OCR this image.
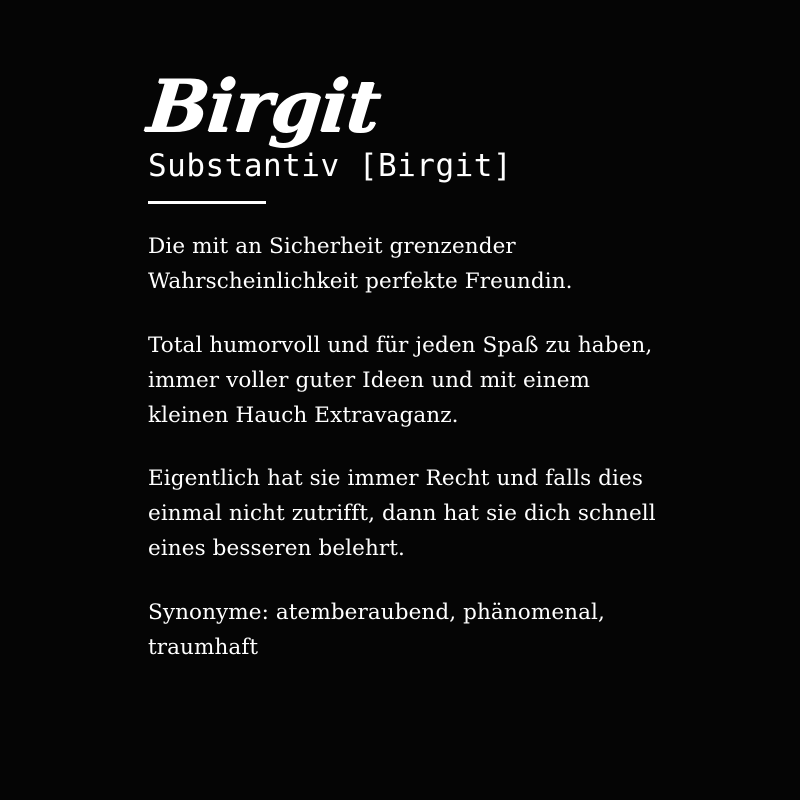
Birgit
Substantiv [Birgit]

Die mit an Sicherheit grenzender Wahrscheinlichkeit perfekte Freundin.

Total humorvoll und für jeden Spaß zu haben, immer voller guter Ideen und mit einem kleinen Hauch Extravaganz.

Eigentlich hat sie immer Recht und falls dies einmal nicht zutrifft, dann hat sie dich schnell eines besseren belehrt.

Synonyme: atemberaubend, phänomenal, traumhaft
